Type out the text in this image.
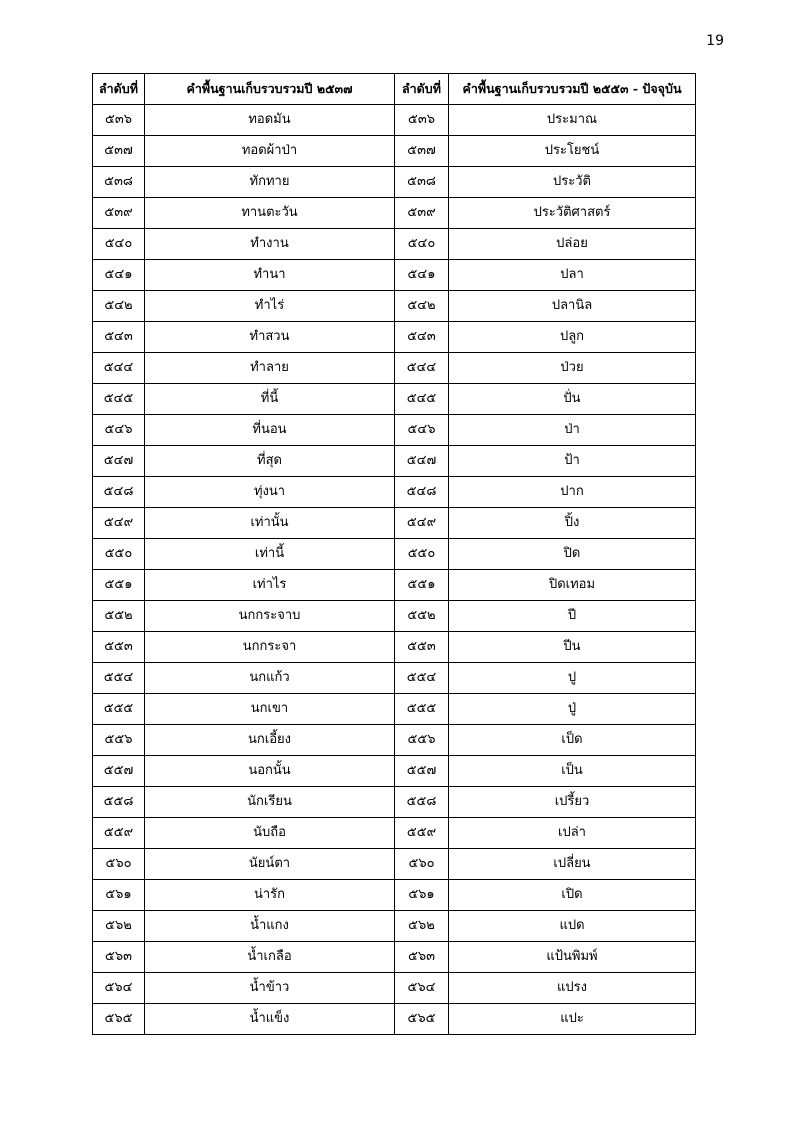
19
ลำดับที่	คำพื้นฐานเก็บรวบรวมปี ๒๕๓๗	ลำดับที่	คำพื้นฐานเก็บรวบรวมปี ๒๕๕๓ - ปัจจุบัน
๕๓๖	ทอดมัน	๕๓๖	ประมาณ
๕๓๗	ทอดผ้าป่า	๕๓๗	ประโยชน์
๕๓๘	ทักทาย	๕๓๘	ประวัติ
๕๓๙	ทานตะวัน	๕๓๙	ประวัติศาสตร์
๕๔๐	ทำงาน	๕๔๐	ปล่อย
๕๔๑	ทำนา	๕๔๑	ปลา
๕๔๒	ทำไร่	๕๔๒	ปลานิล
๕๔๓	ทำสวน	๕๔๓	ปลูก
๕๔๔	ทำลาย	๕๔๔	ป่วย
๕๔๕	ที่นี้	๕๔๕	ปั่น
๕๔๖	ที่นอน	๕๔๖	ป่า
๕๔๗	ที่สุด	๕๔๗	ป้า
๕๔๘	ทุ่งนา	๕๔๘	ปาก
๕๔๙	เท่านั้น	๕๔๙	ปิ้ง
๕๕๐	เท่านี้	๕๕๐	ปิด
๕๕๑	เท่าไร	๕๕๑	ปิดเทอม
๕๕๒	นกกระจาบ	๕๕๒	ปี
๕๕๓	นกกระจา	๕๕๓	ปีน
๕๕๔	นกแก้ว	๕๕๔	ปู
๕๕๕	นกเขา	๕๕๕	ปู่
๕๕๖	นกเอี้ยง	๕๕๖	เป็ด
๕๕๗	นอกนั้น	๕๕๗	เป็น
๕๕๘	นักเรียน	๕๕๘	เปรี้ยว
๕๕๙	นับถือ	๕๕๙	เปล่า
๕๖๐	นัยน์ตา	๕๖๐	เปลี่ยน
๕๖๑	น่ารัก	๕๖๑	เปิด
๕๖๒	น้ำแกง	๕๖๒	แปด
๕๖๓	น้ำเกลือ	๕๖๓	แป้นพิมพ์
๕๖๔	น้ำข้าว	๕๖๔	แปรง
๕๖๕	น้ำแข็ง	๕๖๕	แปะ
